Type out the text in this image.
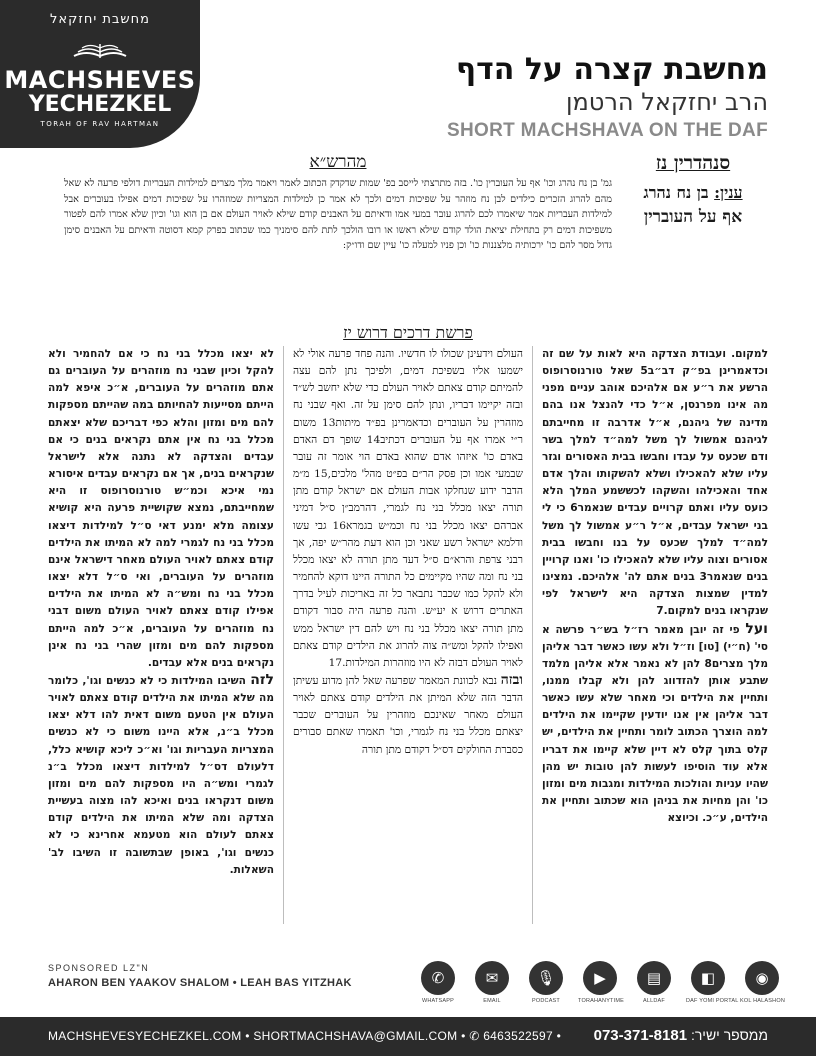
מחשבת יחזקאל
MACHSHEVES
YECHEZKEL
TORAH OF RAV HARTMAN
מחשבת קצרה על הדף
הרב יחזקאל הרטמן
SHORT MACHSHAVA ON THE DAF
סנהדרין נז
ענין: בן נח נהרג
אף על העוברין
מהרש״א
גמ' בן נח נהרג וכו' אף על העוברין כו'. בזה מתרצתי לייסב בפ' שמות שדקדק הכתוב לאמר ויאמר מלך מצרים למילדות העבריות דולפי פרעה לא שאל מהם להרוג הזכרים כילדים לבן נח מוזהר על שפיכות דמים ולכך לא אמר כן למילדות המצריות שמוזהרו על שפיכות דמים אפילו בעוברים אבל למילדות העבריות אמר שיאמרו לכם להרוג עובר במעי אמו ודאיתם על האבנים קודם שילא לאויר העולם אם בן הוא וגו' וכיון שלא אמרו להם לפטור משפיכות דמים רק בתחילת יציאת הולד קודם שילא ראשו או רובו הולכך לתת להם סימניך כמו שכתוב בפרק קמא דסוטה ודאיתם על האבנים סימן גדול מסר להם כו' ירכותיה מלצננות כו' וכן פניו למעלה כו' עיין שם ודו״ק:
פרשת דרכים דרוש יז

למקום. ועבודת הצדקה היא לאות על שם זה וכדאמרינן בפ״ק דב״ב5 שאל טורנוסרופוס הרשע את ר״ע אם אלהיכם אוהב עניים מפני מה אינו מפרנסן, א״ל כדי להנצל אנו בהם מדינה של גיהנם, א״ל אדרבה זו מחייבתם לגיהנם אמשול לך משל למה״ד למלך בשר ודם שכעס על עבדו וחבשו בבית האסורים וגזר עליו שלא להאכילו ושלא להשקותו והלך אדם אחד והאכילהו והשקהו לכששמע המלך הלא כועס עליו ואתם קרויים עבדים שנאמר6 כי לי בני ישראל עבדים, א״ל ר״ע אמשול לך משל למה״ד למלך שכעס על בנו וחבשו בבית אסורים וצוה עליו שלא להאכילו כו' ואנו קרויין בנים שנאמר3 בנים אתם לה' אלהיכם. נמצינו למדין שמצות הצדקה היא לישראל לפי שנקראו בנים למקום.7

ועל פי זה יובן מאמר רז״ל בש״ר פרשה א סי' (ח״י) [טו] וז״ל ולא עשו כאשר דבר אליהן מלך מצרים8 להן לא נאמר אלא אליהן מלמד שתבע אותן להזדווג להן ולא קבלו ממנו, ותחיין את הילדים וכי מאחר שלא עשו כאשר דבר אליהן אין אנו יודעין שקיימו את הילדים למה הוצרך הכתוב לומר ותחיין את הילדים, יש קלס בתוך קלס לא דיין שלא קיימו את דבריו אלא עוד הוסיפו לעשות להן טובות יש מהן שהיו עניות והולכות המילדות ומגבות מים ומזון כו' והן מחיות את בניהן הוא שכתוב ותחיין את הילדים, ע״כ. וכיוצא

העולם וידעינן שכולו לו חדשיו. והנה פחד פרעה אולי לא ישמעו אליו בשפיכת דמים, ולפיכך נתן להם עצה להמיתם קודם צאתם לאויר העולם כדי שלא יחשב לש״ד ובזה יקיימו דבריו, ונתן להם סימן על זה. ואף שבני נח מוזהרין על העוברים וכדאמרינן בפ״ד מיתות13 משום ר״י אמרו אף על העוברים דכתיב14 שופך דם האדם באדם כו' איזהו אדם שהוא באדם הוי אומר זה עובר שבמעי אמו וכן פסק הר״ם בפ״ט מהל' מלכים,15 מ״מ הדבר ידוע שנחלקו אבות העולם אם ישראל קודם מתן תורה יצאו מכלל בני נח לגמרי, דהרמב״ן ס״ל דמיני אברהם יצאו מכלל בני נח וכמ״ש בגמרא16 גבי עשו ודלמא ישראל רשע שאני וכן הוא דעת מהר״ש יפה, אך רבני צרפת והרא״ם ס״ל דעד מתן תורה לא יצאו מכלל בני נח ומה שהיו מקיימים כל התורה היינו דוקא להחמיר ולא להקל כמו שכבר נתבאר כל זה באריכות לעיל בדרך האתרים דרוש א יע״ש. והנה פרעה היה סבור דקודם מתן תורה יצאו מכלל בני נח ויש להם דין ישראל ממש ואפילו להקל ומש״ה צוה להרוג את הילדים קודם צאתם לאויר העולם דבזה לא היו מוזהרות המילדות.17

ובזה נבא לכוונת המאמר שפרעה שאל להן מדוע עשיתן הדבר הזה שלא המיתן את הילדים קודם צאתם לאויר העולם מאחר שאינכם מוזהרין על העוברים שכבר יצאתם מכלל בני נח לגמרי, וכו' תאמרו שאתם סבורים כסברת החולקים דס״ל דקודם מתן תורה

לא יצאו מכלל בני נח כי אם להחמיר ולא להקל וכיון שבני נח מוזהרים על העוברים גם אתם מוזהרים על העוברים, א״כ איפא למה הייתם מסייעות להחיותם במה שהייתם מספקות להם מים ומזון והלא כפי דבריכם שלא יצאתם מכלל בני נח אין אתם נקראים בנים כי אם עבדים והצדקה לא נתנה אלא לישראל שנקראים בנים, אך אם נקראים עבדים איסורא נמי איכא וכמ״ש טורנוסרופוס זו היא שמחייבתם, נמצא שקושיית פרעה היא קושיא עצומה מלא ימנע דאי ס״ל למילדות דיצאו מכלל בני נח לגמרי למה לא המיתו את הילדים קודם צאתם לאויר העולם מאחר דישראל אינם מוזהרים על העוברים, ואי ס״ל דלא יצאו מכלל בני נח ומש״ה לא המיתו את הילדים אפילו קודם צאתם לאויר העולם משום דבני נח מוזהרים על העוברים, א״כ למה הייתם מספקות להם מים ומזון שהרי בני נח אינן נקראים בנים אלא עבדים.

לזה השיבו המילדות כי לא כנשים וגו', כלומר מה שלא המיתו את הילדים קודם צאתם לאויר העולם אין הטעם משום דאית להו דלא יצאו מכלל ב״נ, אלא היינו משום כי לא כנשים המצריות העבריות וגו' וא״כ ליכא קושיא כלל, דלעולם דס״ל למילדות דיצאו מכלל ב״נ לגמרי ומש״ה היו מספקות להם מים ומזון משום דנקראו בנים ואיכא להו מצוה בעשיית הצדקה ומה שלא המיתו את הילדים קודם צאתם לעולם הוא מטעמא אחרינא כי לא כנשים וגו', באופן שבתשובה זו השיבו לב' השאלות.

SPONSORED LZ"N
AHARON BEN YAAKOV SHALOM • LEAH BAS YITZHAK	✆
WHATSAPP
✉
EMAIL
🎙
PODCAST
▶
TORAHANYTIME
▤
ALLDAF
◧
DAF YOMI PORTAL
◉
KOL HALASHON
MACHSHEVESYECHEZKEL.COM • SHORTMACHSHAVA@GMAIL.COM • ✆ 6463522597 •	ממספר ישיר: 073-371-8181
